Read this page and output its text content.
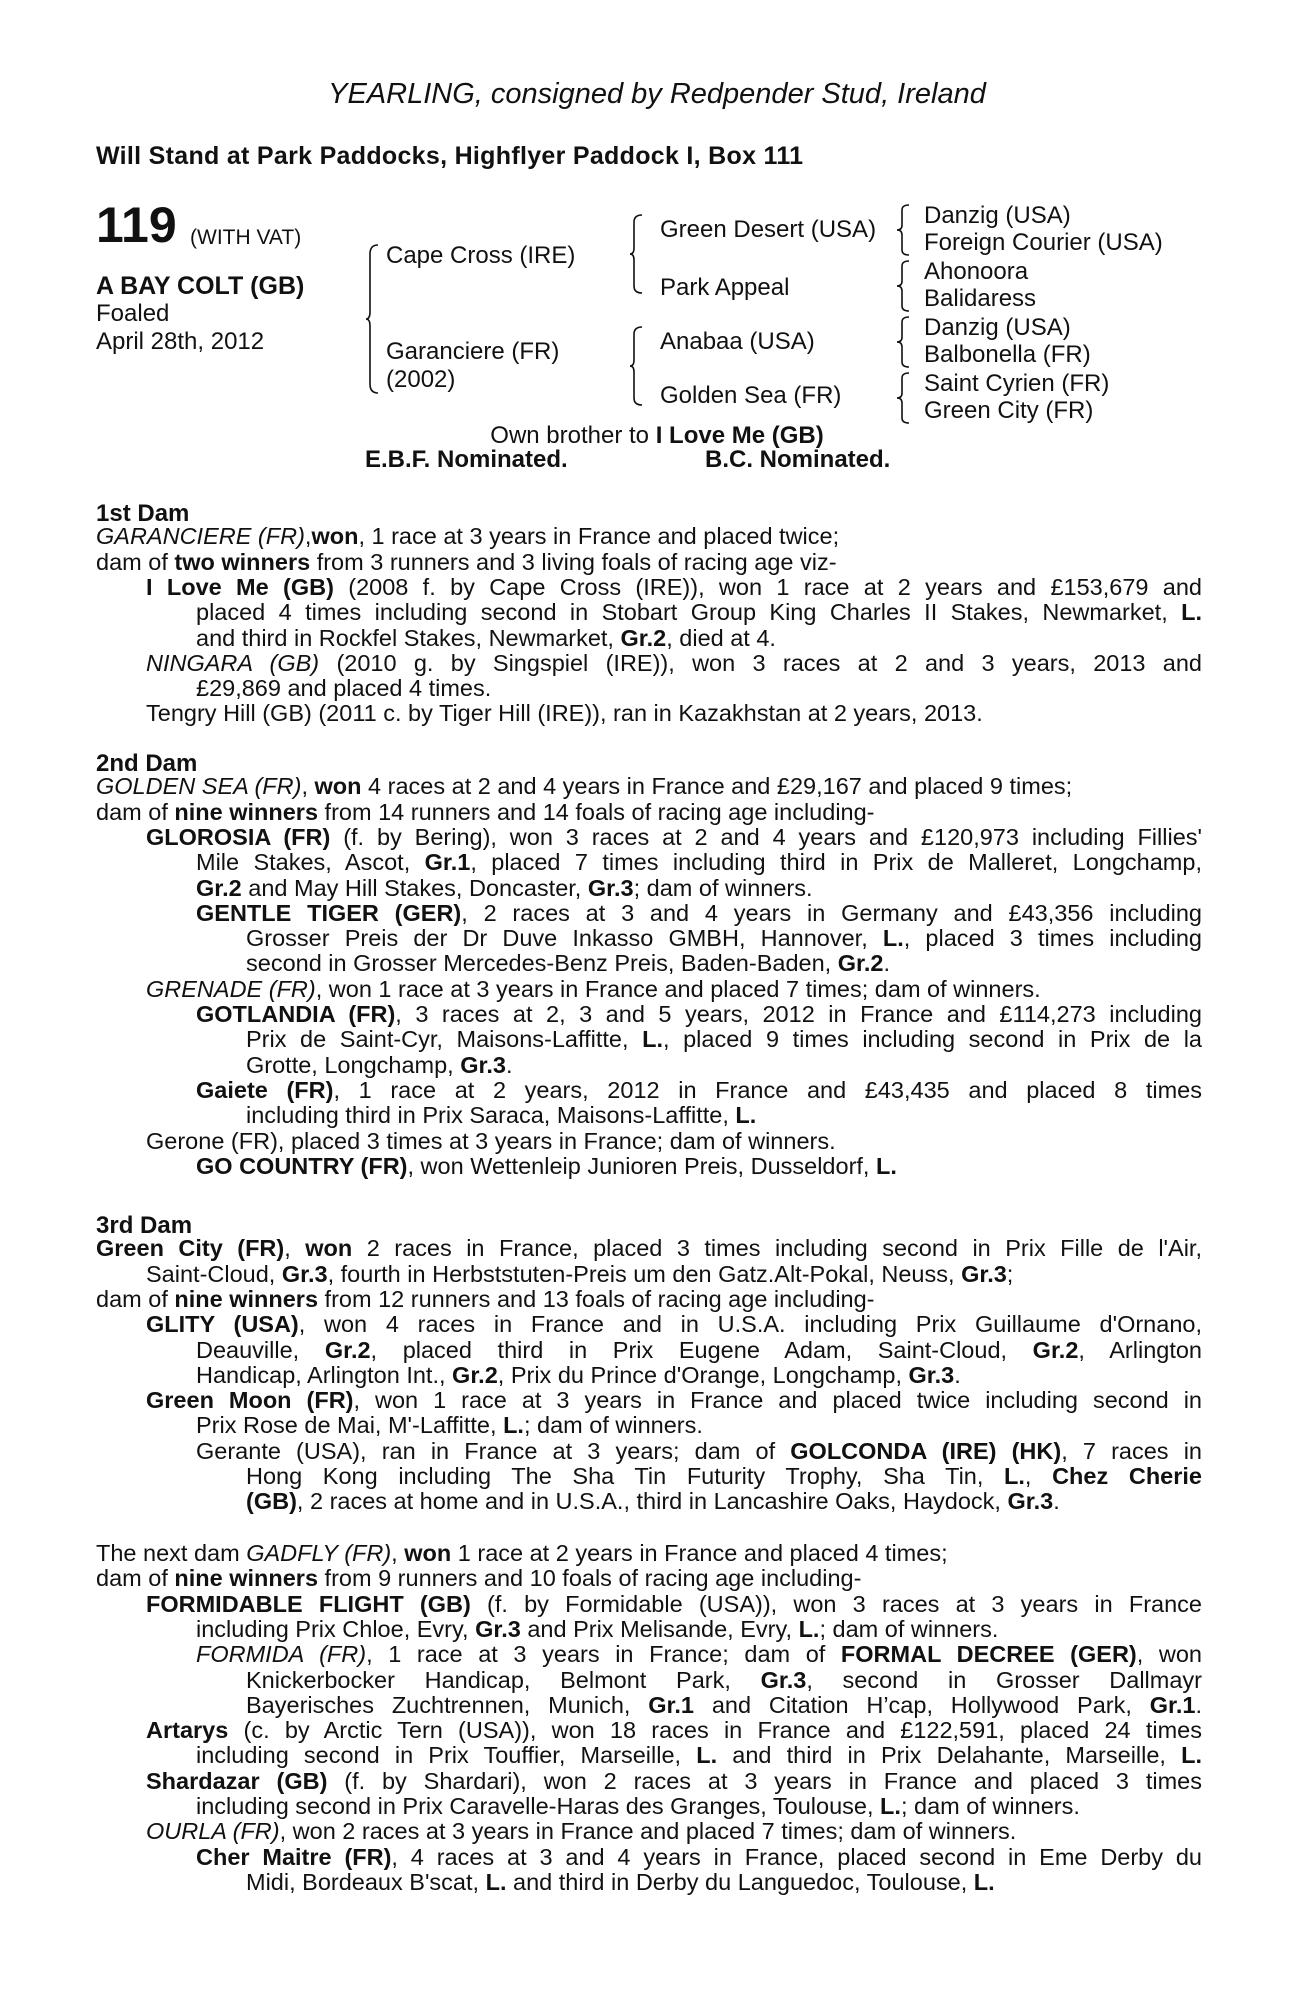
YEARLING, consigned by Redpender Stud, Ireland
Will Stand at Park Paddocks, Highflyer Paddock I, Box 111
119 (WITH VAT)
A BAY COLT (GB)
Foaled
April 28th, 2012
Cape Cross (IRE)
Garanciere (FR)
(2002)
Green Desert (USA)
Park Appeal
Anabaa (USA)
Golden Sea (FR)
Danzig (USA)
Foreign Courier (USA)
Ahonoora
Balidaress
Danzig (USA)
Balbonella (FR)
Saint Cyrien (FR)
Green City (FR)
Own brother to I Love Me (GB)
E.B.F. Nominated.	B.C. Nominated.
1st Dam
GARANCIERE (FR),won, 1 race at 3 years in France and placed twice;
dam of two winners from 3 runners and 3 living foals of racing age viz-
I Love Me (GB) (2008 f. by Cape Cross (IRE)), won 1 race at 2 years and £153,679 and
placed 4 times including second in Stobart Group King Charles II Stakes, Newmarket, L.
and third in Rockfel Stakes, Newmarket, Gr.2, died at 4.
NINGARA (GB) (2010 g. by Singspiel (IRE)), won 3 races at 2 and 3 years, 2013 and
£29,869 and placed 4 times.
Tengry Hill (GB) (2011 c. by Tiger Hill (IRE)), ran in Kazakhstan at 2 years, 2013.
2nd Dam
GOLDEN SEA (FR), won 4 races at 2 and 4 years in France and £29,167 and placed 9 times;
dam of nine winners from 14 runners and 14 foals of racing age including-
GLOROSIA (FR) (f. by Bering), won 3 races at 2 and 4 years and £120,973 including Fillies'
Mile Stakes, Ascot, Gr.1, placed 7 times including third in Prix de Malleret, Longchamp,
Gr.2 and May Hill Stakes, Doncaster, Gr.3; dam of winners.
GENTLE TIGER (GER), 2 races at 3 and 4 years in Germany and £43,356 including
Grosser Preis der Dr Duve Inkasso GMBH, Hannover, L., placed 3 times including
second in Grosser Mercedes-Benz Preis, Baden-Baden, Gr.2.
GRENADE (FR), won 1 race at 3 years in France and placed 7 times; dam of winners.
GOTLANDIA (FR), 3 races at 2, 3 and 5 years, 2012 in France and £114,273 including
Prix de Saint-Cyr, Maisons-Laffitte, L., placed 9 times including second in Prix de la
Grotte, Longchamp, Gr.3.
Gaiete (FR), 1 race at 2 years, 2012 in France and £43,435 and placed 8 times
including third in Prix Saraca, Maisons-Laffitte, L.
Gerone (FR), placed 3 times at 3 years in France; dam of winners.
GO COUNTRY (FR), won Wettenleip Junioren Preis, Dusseldorf, L.
3rd Dam
Green City (FR), won 2 races in France, placed 3 times including second in Prix Fille de l'Air,
Saint-Cloud, Gr.3, fourth in Herbststuten-Preis um den Gatz.Alt-Pokal, Neuss, Gr.3;
dam of nine winners from 12 runners and 13 foals of racing age including-
GLITY (USA), won 4 races in France and in U.S.A. including Prix Guillaume d'Ornano,
Deauville, Gr.2, placed third in Prix Eugene Adam, Saint-Cloud, Gr.2, Arlington
Handicap, Arlington Int., Gr.2, Prix du Prince d'Orange, Longchamp, Gr.3.
Green Moon (FR), won 1 race at 3 years in France and placed twice including second in
Prix Rose de Mai, M'-Laffitte, L.; dam of winners.
Gerante (USA), ran in France at 3 years; dam of GOLCONDA (IRE) (HK), 7 races in
Hong Kong including The Sha Tin Futurity Trophy, Sha Tin, L., Chez Cherie
(GB), 2 races at home and in U.S.A., third in Lancashire Oaks, Haydock, Gr.3.
The next dam GADFLY (FR), won 1 race at 2 years in France and placed 4 times;
dam of nine winners from 9 runners and 10 foals of racing age including-
FORMIDABLE FLIGHT (GB) (f. by Formidable (USA)), won 3 races at 3 years in France
including Prix Chloe, Evry, Gr.3 and Prix Melisande, Evry, L.; dam of winners.
FORMIDA (FR), 1 race at 3 years in France; dam of FORMAL DECREE (GER), won
Knickerbocker Handicap, Belmont Park, Gr.3, second in Grosser Dallmayr
Bayerisches Zuchtrennen, Munich, Gr.1 and Citation H’cap, Hollywood Park, Gr.1.
Artarys (c. by Arctic Tern (USA)), won 18 races in France and £122,591, placed 24 times
including second in Prix Touffier, Marseille, L. and third in Prix Delahante, Marseille, L.
Shardazar (GB) (f. by Shardari), won 2 races at 3 years in France and placed 3 times
including second in Prix Caravelle-Haras des Granges, Toulouse, L.; dam of winners.
OURLA (FR), won 2 races at 3 years in France and placed 7 times; dam of winners.
Cher Maitre (FR), 4 races at 3 and 4 years in France, placed second in Eme Derby du
Midi, Bordeaux B'scat, L. and third in Derby du Languedoc, Toulouse, L.
